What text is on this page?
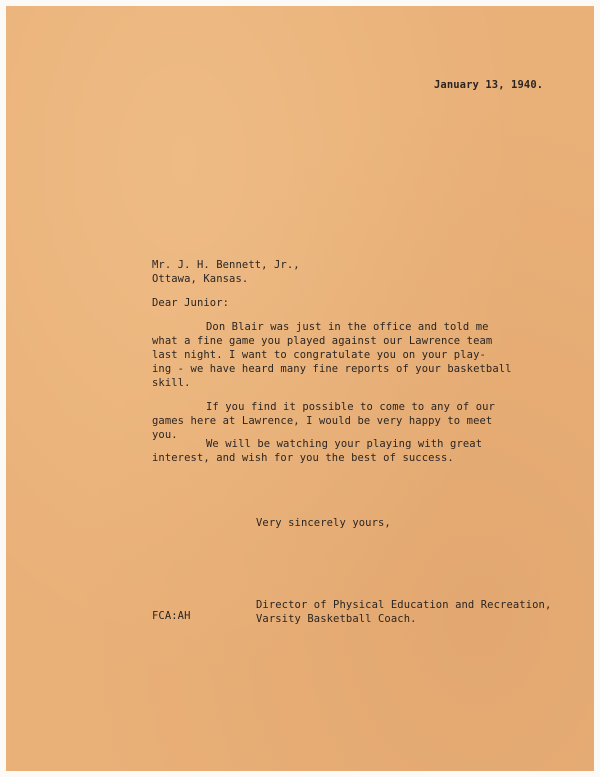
January 13, 1940.

Mr. J. H. Bennett, Jr.,

Ottawa, Kansas.

Dear Junior:

Don Blair was just in the office and told me

what a fine game you played against our Lawrence team

last night. I want to congratulate you on your play-

ing - we have heard many fine reports of your basketball

skill.

If you find it possible to come to any of our

games here at Lawrence, I would be very happy to meet

you.

We will be watching your playing with great

interest, and wish for you the best of success.

Very sincerely yours,

Director of Physical Education and Recreation,

Varsity Basketball Coach.

FCA:AH
